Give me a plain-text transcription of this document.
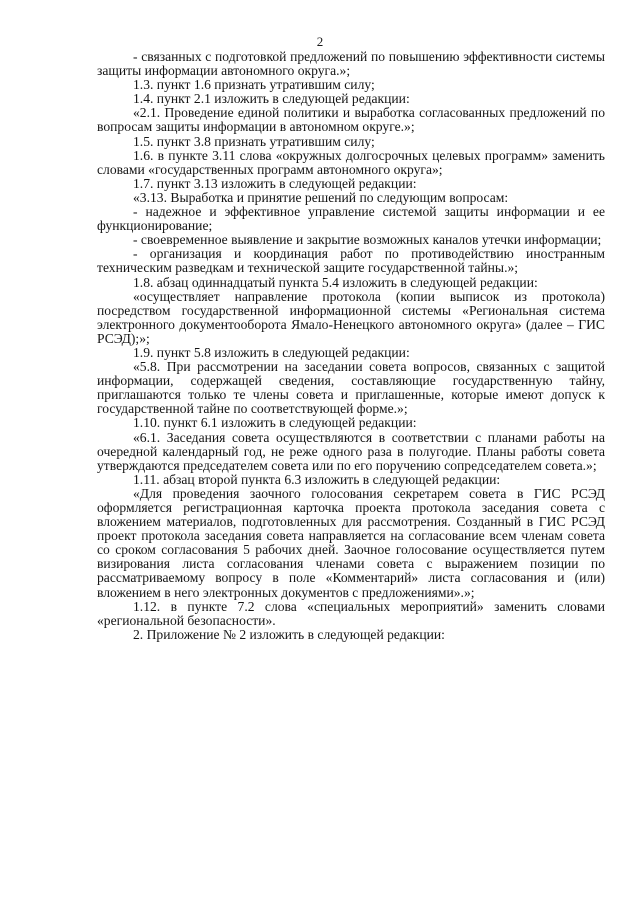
2

- связанных с подготовкой предложений по повышению эффективности системы защиты информации автономного округа.»;

1.3. пункт 1.6 признать утратившим силу;

1.4. пункт 2.1 изложить в следующей редакции:

«2.1. Проведение единой политики и выработка согласованных предложений по вопросам защиты информации в автономном округе.»;

1.5. пункт 3.8 признать утратившим силу;

1.6. в пункте 3.11 слова «окружных долгосрочных целевых программ» заменить словами «государственных программ автономного округа»;

1.7. пункт 3.13 изложить в следующей редакции:

«3.13. Выработка и принятие решений по следующим вопросам:

- надежное и эффективное управление системой защиты информации и ее функционирование;

- своевременное выявление и закрытие возможных каналов утечки информации;

- организация и координация работ по противодействию иностранным техническим разведкам и технической защите государственной тайны.»;

1.8. абзац одиннадцатый пункта 5.4 изложить в следующей редакции:

«осуществляет направление протокола (копии выписок из протокола) посредством государственной информационной системы «Региональная система электронного документооборота Ямало-Ненецкого автономного округа» (далее – ГИС РСЭД);»;

1.9. пункт 5.8 изложить в следующей редакции:

«5.8. При рассмотрении на заседании совета вопросов, связанных с защитой информации, содержащей сведения, составляющие государственную тайну, приглашаются только те члены совета и приглашенные, которые имеют допуск к государственной тайне по соответствующей форме.»;

1.10. пункт 6.1 изложить в следующей редакции:

«6.1. Заседания совета осуществляются в соответствии с планами работы на очередной календарный год, не реже одного раза в полугодие. Планы работы совета утверждаются председателем совета или по его поручению сопредседателем совета.»;

1.11. абзац второй пункта 6.3 изложить в следующей редакции:

«Для проведения заочного голосования секретарем совета в ГИС РСЭД оформляется регистрационная карточка проекта протокола заседания совета с вложением материалов, подготовленных для рассмотрения. Созданный в ГИС РСЭД проект протокола заседания совета направляется на согласование всем членам совета со сроком согласования 5 рабочих дней. Заочное голосование осуществляется путем визирования листа согласования членами совета с выражением позиции по рассматриваемому вопросу в поле «Комментарий» листа согласования и (или) вложением в него электронных документов с предложениями».»;

1.12. в пункте 7.2 слова «специальных мероприятий» заменить словами «региональной безопасности».

2. Приложение № 2 изложить в следующей редакции:
